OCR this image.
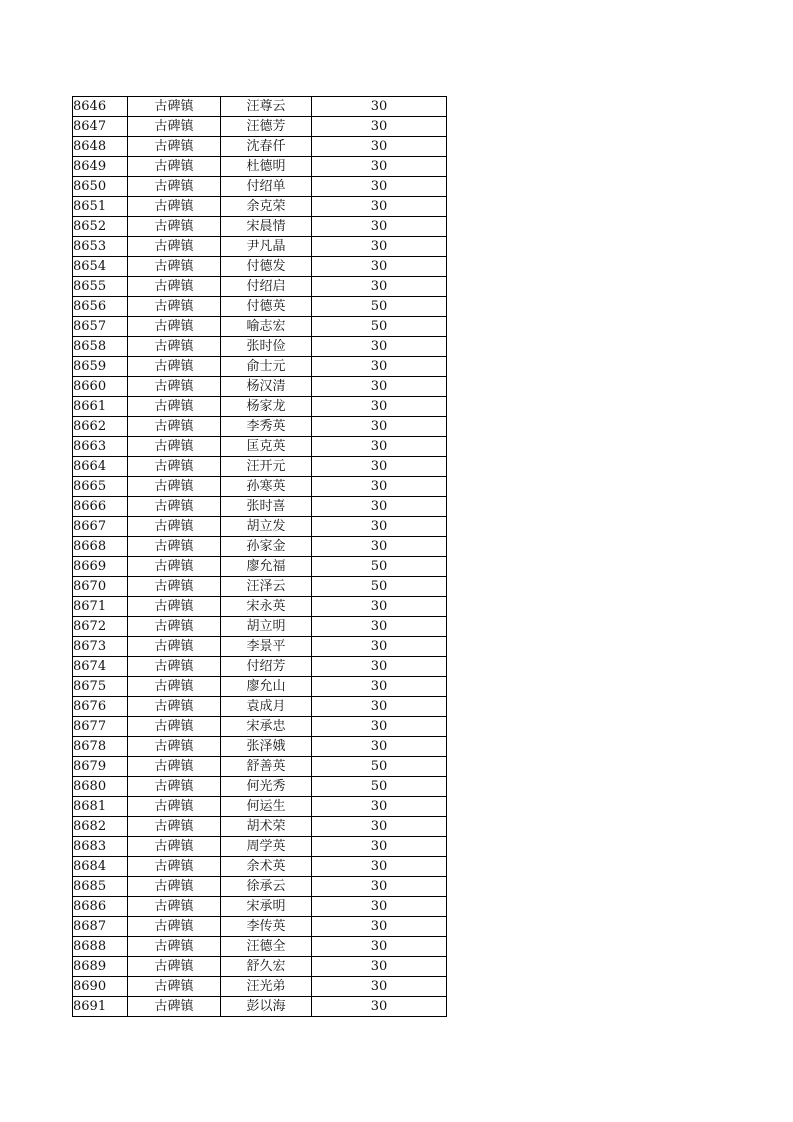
8646	古碑镇	汪尊云	30
8647	古碑镇	汪德芳	30
8648	古碑镇	沈春仟	30
8649	古碑镇	杜德明	30
8650	古碑镇	付绍单	30
8651	古碑镇	余克荣	30
8652	古碑镇	宋晨情	30
8653	古碑镇	尹凡晶	30
8654	古碑镇	付德发	30
8655	古碑镇	付绍启	30
8656	古碑镇	付德英	50
8657	古碑镇	喻志宏	50
8658	古碑镇	张时俭	30
8659	古碑镇	俞士元	30
8660	古碑镇	杨汉清	30
8661	古碑镇	杨家龙	30
8662	古碑镇	李秀英	30
8663	古碑镇	匡克英	30
8664	古碑镇	汪开元	30
8665	古碑镇	孙寒英	30
8666	古碑镇	张时喜	30
8667	古碑镇	胡立发	30
8668	古碑镇	孙家金	30
8669	古碑镇	廖允福	50
8670	古碑镇	汪泽云	50
8671	古碑镇	宋永英	30
8672	古碑镇	胡立明	30
8673	古碑镇	李景平	30
8674	古碑镇	付绍芳	30
8675	古碑镇	廖允山	30
8676	古碑镇	袁成月	30
8677	古碑镇	宋承忠	30
8678	古碑镇	张泽娥	30
8679	古碑镇	舒善英	50
8680	古碑镇	何光秀	50
8681	古碑镇	何运生	30
8682	古碑镇	胡术荣	30
8683	古碑镇	周学英	30
8684	古碑镇	余术英	30
8685	古碑镇	徐承云	30
8686	古碑镇	宋承明	30
8687	古碑镇	李传英	30
8688	古碑镇	汪德全	30
8689	古碑镇	舒久宏	30
8690	古碑镇	汪光弟	30
8691	古碑镇	彭以海	30
